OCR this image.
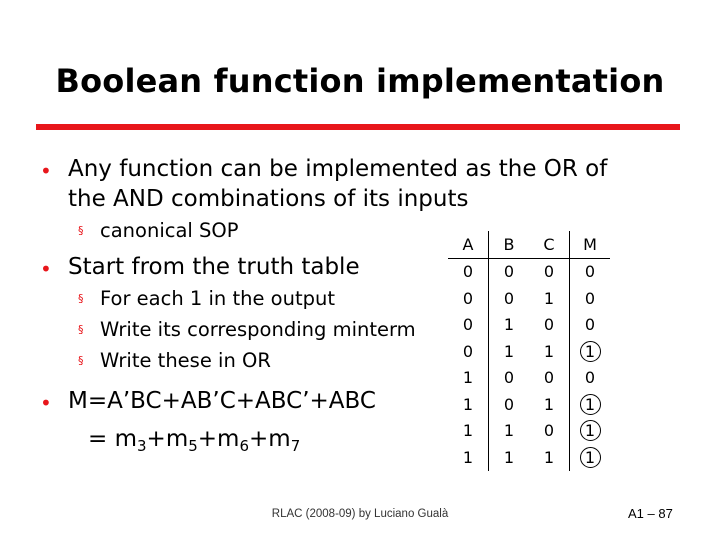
Boolean function implementation
• Any function can be implemented as the OR of
the AND combinations of its inputs
§ canonical SOP
• Start from the truth table
§ For each 1 in the output
§ Write its corresponding minterm
§ Write these in OR
• M=A’BC+AB’C+ABC’+ABC
= $m_3+m_5+m_6+m_7$
A	B	C	M
0	0	0	0
0	0	1	0
0	1	0	0
0	1	1	1
1	0	0	0
1	0	1	1
1	1	0	1
1	1	1	1
RLAC (2008-09) by Luciano Gualà	A1 – 87
